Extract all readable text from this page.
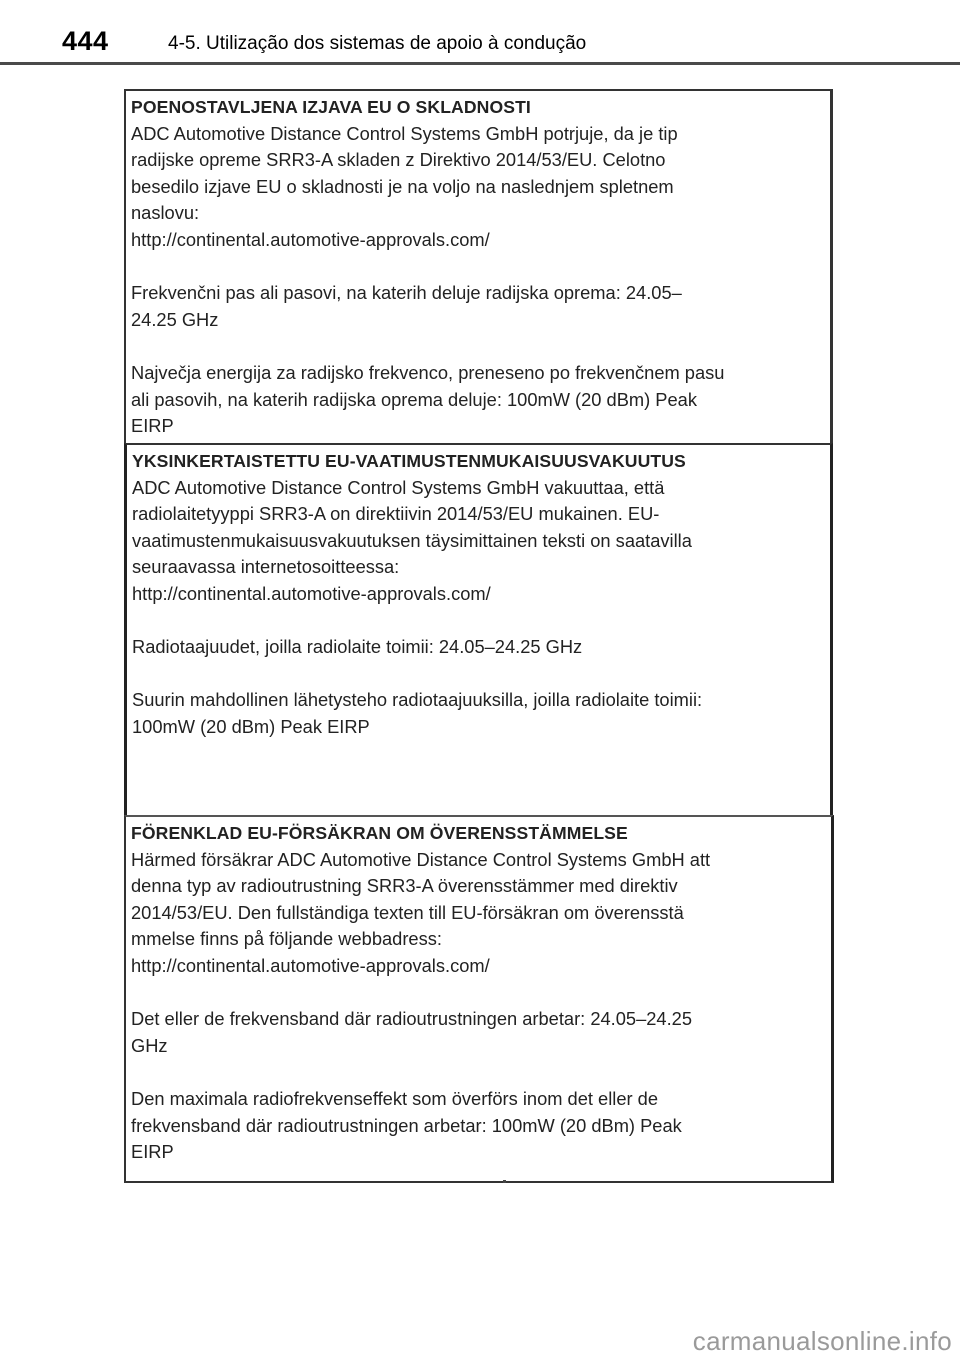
444	4-5. Utilização dos sistemas de apoio à condução

POENOSTAVLJENA IZJAVA EU O SKLADNOSTI

ADC Automotive Distance Control Systems GmbH potrjuje, da je tip

radijske opreme SRR3-A skladen z Direktivo 2014/53/EU. Celotno

besedilo izjave EU o skladnosti je na voljo na naslednjem spletnem

naslovu:

http://continental.automotive-approvals.com/

Frekvenčni pas ali pasovi, na katerih deluje radijska oprema: 24.05–

24.25 GHz

Največja energija za radijsko frekvenco, preneseno po frekvenčnem pasu

ali pasovih, na katerih radijska oprema deluje: 100mW (20 dBm) Peak

EIRP

YKSINKERTAISTETTU EU-VAATIMUSTENMUKAISUUSVAKUUTUS

ADC Automotive Distance Control Systems GmbH vakuuttaa, että

radiolaitetyyppi SRR3-A on direktiivin 2014/53/EU mukainen. EU-

vaatimustenmukaisuusvakuutuksen täysimittainen teksti on saatavilla

seuraavassa internetosoitteessa:

http://continental.automotive-approvals.com/

Radiotaajuudet, joilla radiolaite toimii: 24.05–24.25 GHz

Suurin mahdollinen lähetysteho radiotaajuuksilla, joilla radiolaite toimii:

100mW (20 dBm) Peak EIRP

FÖRENKLAD EU-FÖRSÄKRAN OM ÖVERENSSTÄMMELSE

Härmed försäkrar ADC Automotive Distance Control Systems GmbH att

denna typ av radioutrustning SRR3-A överensstämmer med direktiv

2014/53/EU. Den fullständiga texten till EU-försäkran om överensstä

mmelse finns på följande webbadress:

http://continental.automotive-approvals.com/

Det eller de frekvensband där radioutrustningen arbetar: 24.05–24.25

GHz

Den maximala radiofrekvenseffekt som överförs inom det eller de

frekvensband där radioutrustningen arbetar: 100mW (20 dBm) Peak

EIRP

carmanualsonline.info
